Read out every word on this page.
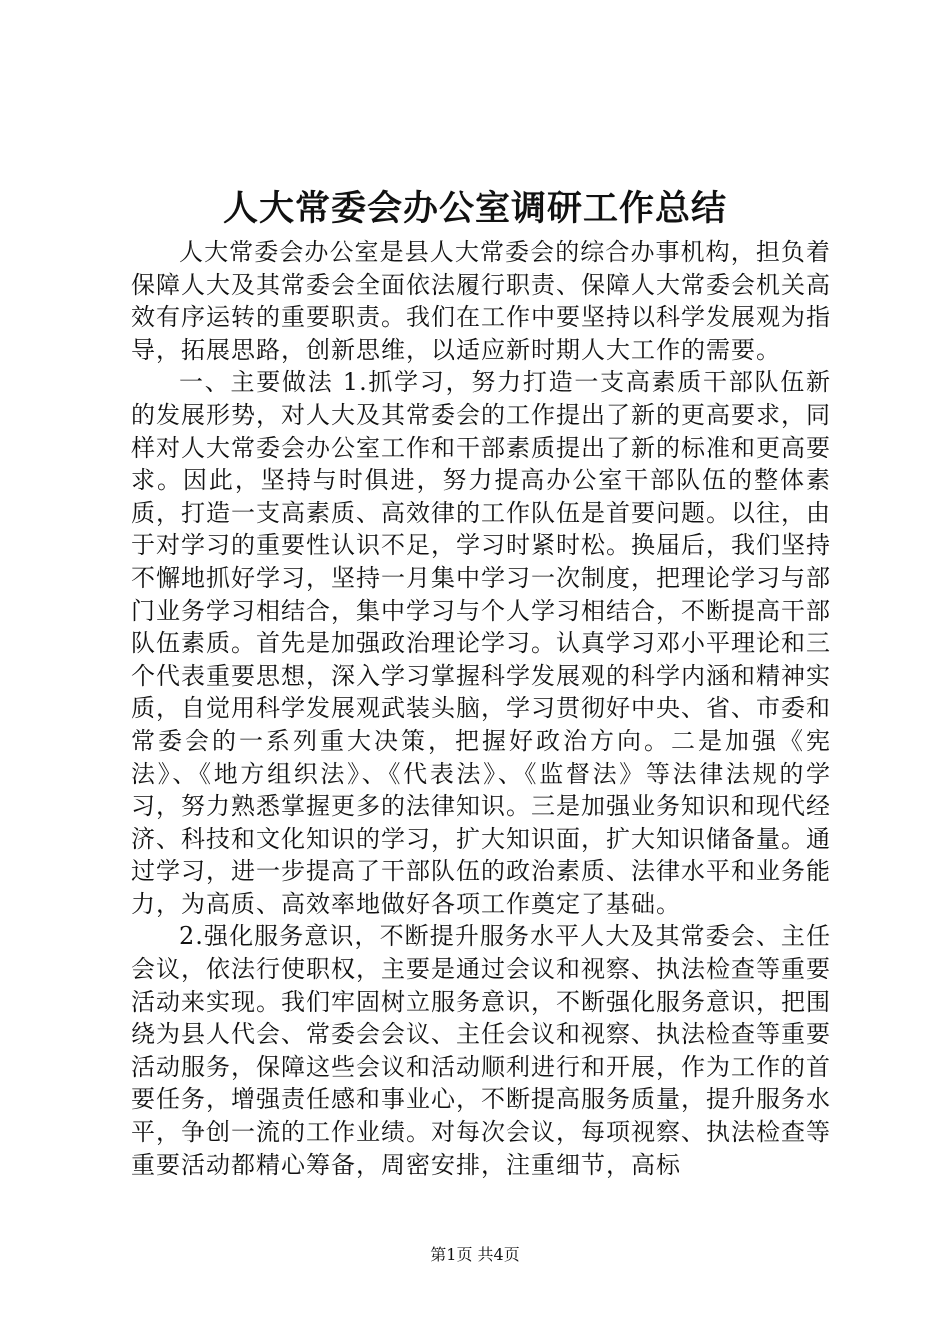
人大常委会办公室调研工作总结

人大常委会办公室是县人大常委会的综合办事机构，担负着保障人大及其常委会全面依法履行职责、保障人大常委会机关高效有序运转的重要职责。我们在工作中要坚持以科学发展观为指导，拓展思路，创新思维，以适应新时期人大工作的需要。

一、主要做法 1.抓学习，努力打造一支高素质干部队伍新的发展形势，对人大及其常委会的工作提出了新的更高要求，同样对人大常委会办公室工作和干部素质提出了新的标准和更高要求。因此，坚持与时俱进，努力提高办公室干部队伍的整体素质，打造一支高素质、高效律的工作队伍是首要问题。以往，由于对学习的重要性认识不足，学习时紧时松。换届后，我们坚持不懈地抓好学习，坚持一月集中学习一次制度，把理论学习与部门业务学习相结合，集中学习与个人学习相结合，不断提高干部队伍素质。首先是加强政治理论学习。认真学习邓小平理论和三个代表重要思想，深入学习掌握科学发展观的科学内涵和精神实质，自觉用科学发展观武装头脑，学习贯彻好中央、省、市委和常委会的一系列重大决策，把握好政治方向。二是加强《宪法》、《地方组织法》、《代表法》、《监督法》等法律法规的学习，努力熟悉掌握更多的法律知识。三是加强业务知识和现代经济、科技和文化知识的学习，扩大知识面，扩大知识储备量。通过学习，进一步提高了干部队伍的政治素质、法律水平和业务能力，为高质、高效率地做好各项工作奠定了基础。

2.强化服务意识，不断提升服务水平人大及其常委会、主任会议，依法行使职权，主要是通过会议和视察、执法检查等重要活动来实现。我们牢固树立服务意识，不断强化服务意识，把围绕为县人代会、常委会会议、主任会议和视察、执法检查等重要活动服务，保障这些会议和活动顺利进行和开展，作为工作的首要任务，增强责任感和事业心，不断提高服务质量，提升服务水平，争创一流的工作业绩。对每次会议，每项视察、执法检查等重要活动都精心筹备，周密安排，注重细节，高标

第1页 共4页
